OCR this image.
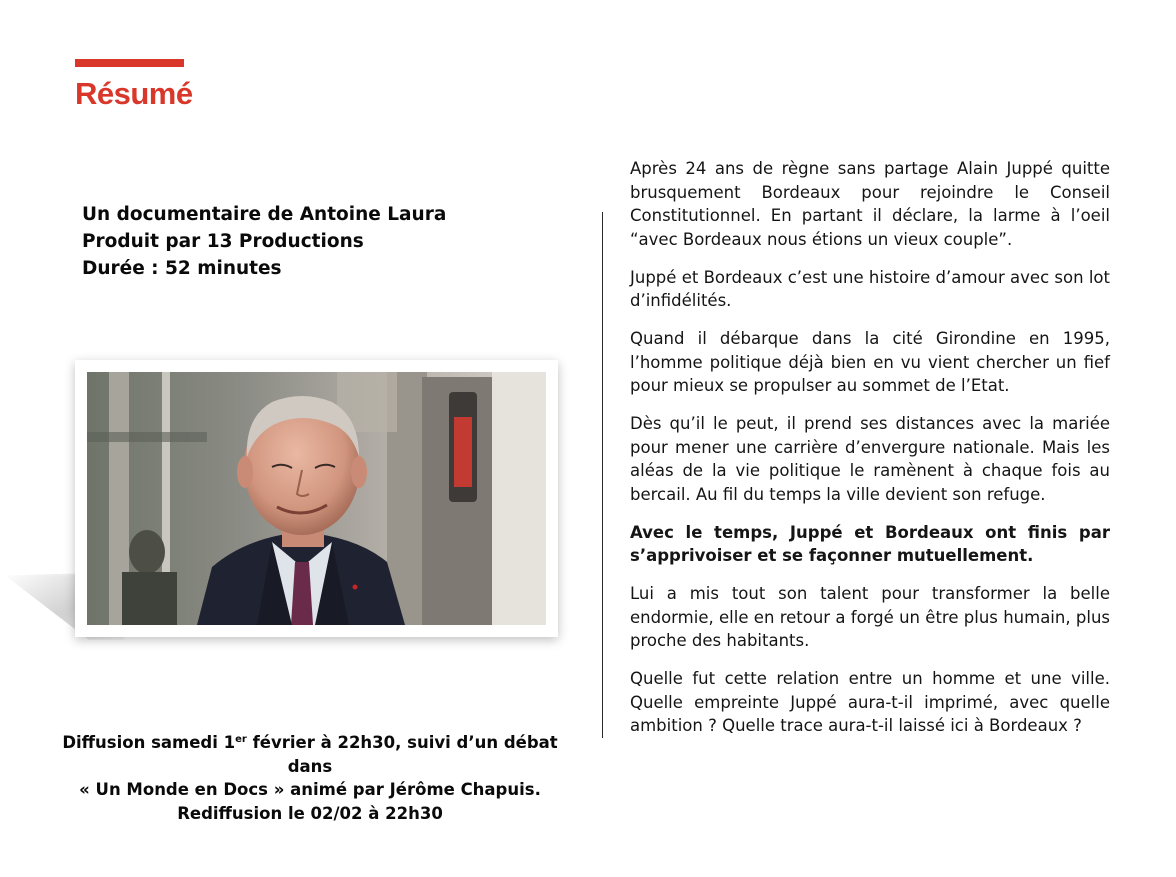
Résumé
Un documentaire de Antoine Laura
Produit par 13 Productions
Durée : 52 minutes
Diffusion samedi 1er février à 22h30, suivi d’un débat dans
« Un Monde en Docs » animé par Jérôme Chapuis.
Rediffusion le 02/02 à 22h30

Après 24 ans de règne sans partage Alain Juppé quitte brusquement Bordeaux pour rejoindre le Conseil Constitutionnel. En partant il déclare, la larme à l’oeil “avec Bordeaux nous étions un vieux couple”.

Juppé et Bordeaux c’est une histoire d’amour avec son lot d’infidélités.

Quand il débarque dans la cité Girondine en 1995, l’homme politique déjà bien en vu vient chercher un fief pour mieux se propulser au sommet de l’Etat.

Dès qu’il le peut, il prend ses distances avec la mariée pour mener une carrière d’envergure nationale. Mais les aléas de la vie politique le ramènent à chaque fois au bercail. Au fil du temps la ville devient son refuge.

Avec le temps, Juppé et Bordeaux ont finis par s’apprivoiser et se façonner mutuellement.

Lui a mis tout son talent pour transformer la belle endormie, elle en retour a forgé un être plus humain, plus proche des habitants.

Quelle fut cette relation entre un homme et une ville. Quelle empreinte Juppé aura-t-il imprimé, avec quelle ambition ? Quelle trace aura-t-il laissé ici à Bordeaux ?
